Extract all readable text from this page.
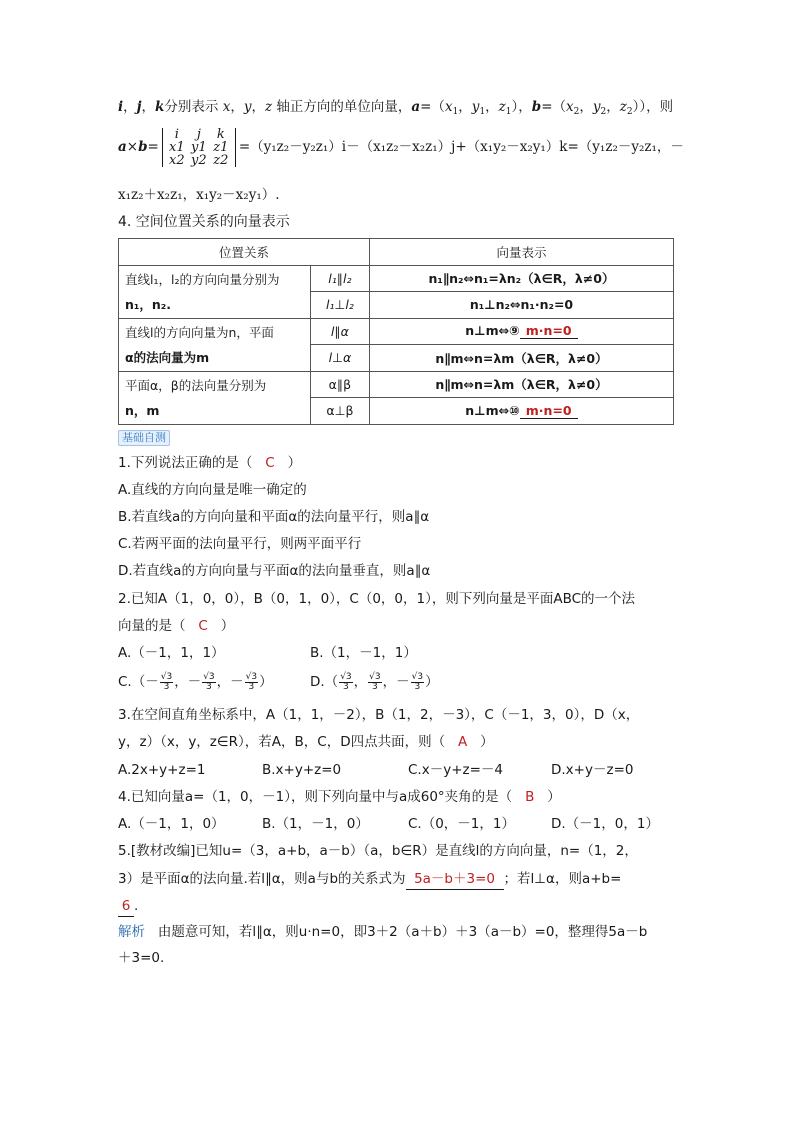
i，j，k分别表示 x，y，z 轴正方向的单位向量，$a=(x_1$，$y_1$，$z_1$），$b=(x_2$，$y_2$，$z_2$）），则
a×b=
i j k
x1 y1 z1
x2 y2 z2
=（y₁z₂－y₂z₁）i－（x₁z₂－x₂z₁）j+（x₁y₂－x₂y₁）k=（y₁z₂－y₂z₁，－
x₁z₂＋x₂z₁，x₁y₂－x₂y₁）.
4. 空间位置关系的向量表示
位置关系		向量表示
直线l₁，l₂的方向向量分别为
n₁，n₂.	l₁∥l₂	n₁∥n₂⇔n₁=λn₂（λ∈R，λ≠0）
	l₁⊥l₂	n₁⊥n₂⇔n₁·n₂=0
直线l的方向向量为n，平面
α的法向量为m	l∥α	n⊥m⇔⑨ m·n=0
	l⊥α	n∥m⇔n=λm（λ∈R，λ≠0）
平面α，β的法向量分别为
n，m	α∥β	n∥m⇔n=λm（λ∈R，λ≠0）
	α⊥β	n⊥m⇔⑩ m·n=0
基础自测
1.下列说法正确的是（ C ）
A.直线的方向向量是唯一确定的
B.若直线a的方向向量和平面α的法向量平行，则a∥α
C.若两平面的法向量平行，则两平面平行
D.若直线a的方向向量与平面α的法向量垂直，则a∥α
2.已知A（1，0，0），B（0，1，0），C（0，0，1），则下列向量是平面ABC的一个法
向量的是（ C ）
A.（－1，1，1）	B.（1，－1，1）
$C.(- \frac{√3}{3}$ ，－ $\frac{√3}{3}$ ，－ $\frac{√3}{3}$ ）	$D.( \frac{√3}{3}$ ， $\frac{√3}{3}$ ，－ $\frac{√3}{3}$ ）
3.在空间直角坐标系中，A（1，1，－2），B（1，2，－3），C（－1，3，0），D（x，
y，z）（x，y，z∈R），若A，B，C，D四点共面，则（ A ）
A.2x+y+z=1	B.x+y+z=0	C.x－y+z=－4	D.x+y－z=0
4.已知向量a=（1，0，－1），则下列向量中与a成60°夹角的是（ B ）
A.（－1，1，0）	B.（1，－1，0）	C.（0，－1，1）	D.（－1，0，1）
5.[教材改编]已知u=（3，a+b，a－b）（a，b∈R）是直线l的方向向量，n=（1，2，
3）是平面α的法向量.若l∥α，则a与b的关系式为 5a－b＋3=0 ；若l⊥α，则a+b=
6 .
解析 由题意可知，若l∥α，则u·n=0，即3＋2（a＋b）＋3（a－b）=0，整理得5a－b
＋3=0.
